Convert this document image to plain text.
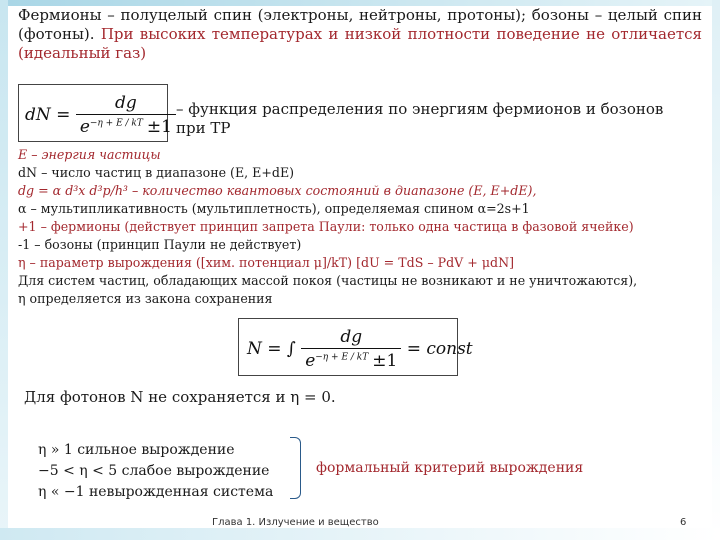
Фермионы – полуцелый спин (электроны, нейтроны, протоны); бозоны – целый спин (фотоны). При высоких температурах и низкой плотности поведение не отличается (идеальный газ)
dN = $\frac{dg}{e^{-\eta + E / kT} \pm 1}$ – функция распределения по энергиям фермионов и бозонов при ТР
E – энергия частицы
dN – число частиц в диапазоне (E, E+dE)
dg = α d³x d³p/h³ – количество квантовых состояний в диапазоне (E, E+dE),
α – мультипликативность (мультиплетность), определяемая спином α=2s+1
+1 – фермионы (действует принцип запрета Паули: только одна частица в фазовой ячейке)
-1 – бозоны (принцип Паули не действует)
η – параметр вырождения ([хим. потенциал μ]/kT) [dU = TdS – PdV + μdN]
Для систем частиц, обладающих массой покоя (частицы не возникают и не уничтожаются),
η определяется из закона сохранения
N = ∫ $\frac{dg}{e^{-\eta + E / kT} \pm 1}$ = const
Для фотонов N не сохраняется и η = 0.
η » 1 сильное вырождение
−5 < η < 5 слабое вырождение
η « −1 невырожденная система
формальный критерий вырождения
Глава 1. Излучение и вещество	6
